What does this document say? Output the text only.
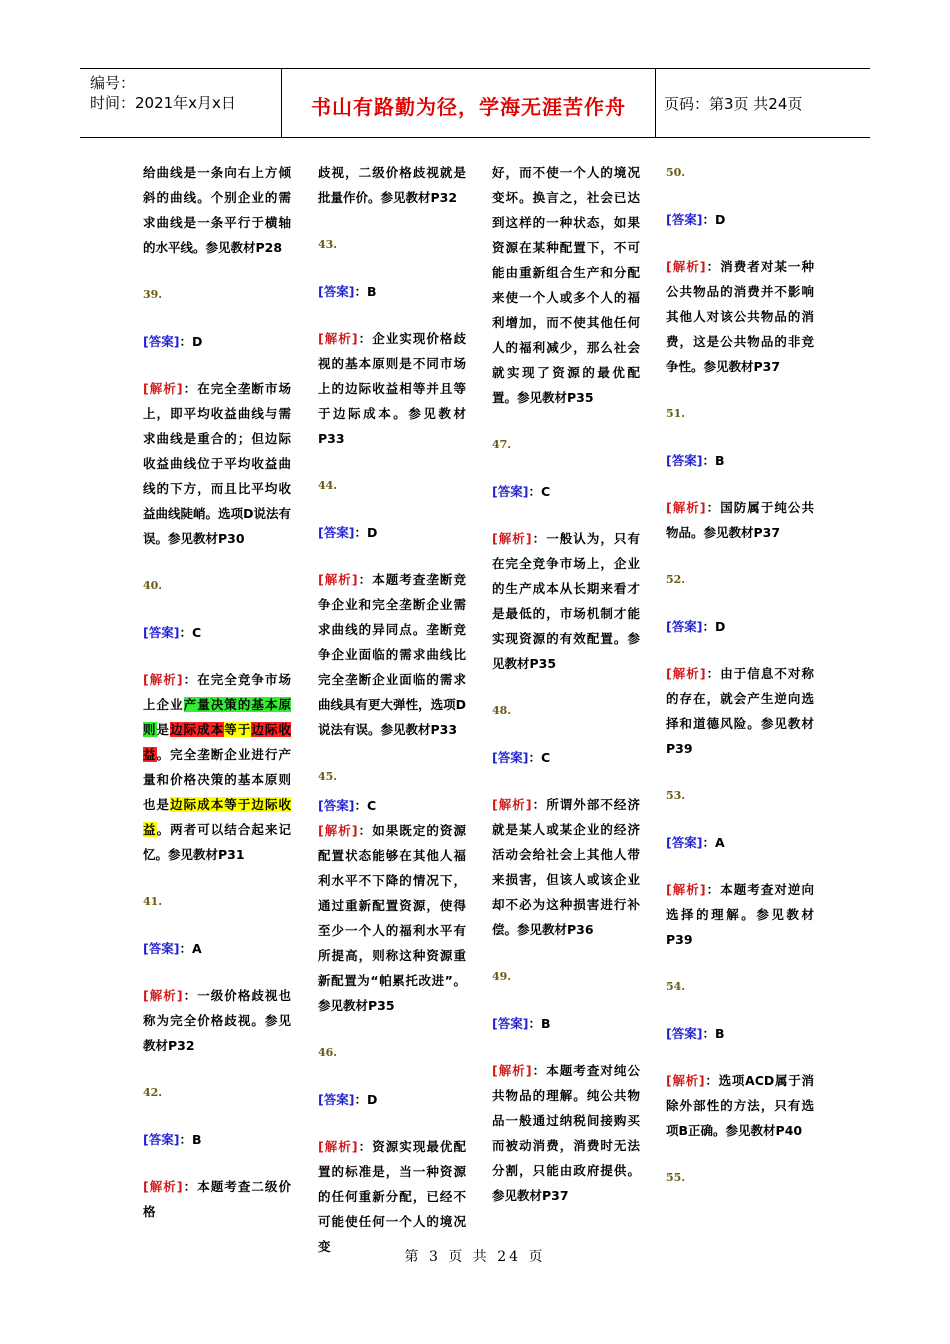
编号：
时间：2021年x月x日	书山有路勤为径，学海无涯苦作舟	页码：第3页 共24页

给曲线是一条向右上方倾斜的曲线。个别企业的需求曲线是一条平行于横轴的水平线。参见教材P28

39.

[答案]：D

[解析]：在完全垄断市场上，即平均收益曲线与需求曲线是重合的；但边际收益曲线位于平均收益曲线的下方，而且比平均收益曲线陡峭。选项D说法有误。参见教材P30

40.

[答案]：C

[解析]：在完全竞争市场上企业产量决策的基本原则是边际成本等于边际收益。完全垄断企业进行产量和价格决策的基本原则也是边际成本等于边际收益。两者可以结合起来记忆。参见教材P31

41.

[答案]：A

[解析]：一级价格歧视也称为完全价格歧视。参见教材P32

42.

[答案]：B

[解析]：本题考查二级价格

歧视，二级价格歧视就是批量作价。参见教材P32

43.

[答案]：B

[解析]：企业实现价格歧视的基本原则是不同市场上的边际收益相等并且等于边际成本。参见教材P33

44.

[答案]：D

[解析]：本题考查垄断竞争企业和完全垄断企业需求曲线的异同点。垄断竞争企业面临的需求曲线比完全垄断企业面临的需求曲线具有更大弹性，选项D说法有误。参见教材P33

45.

[答案]：C

[解析]：如果既定的资源配置状态能够在其他人福利水平不下降的情况下，通过重新配置资源，使得至少一个人的福利水平有所提高，则称这种资源重新配置为“帕累托改进”。参见教材P35

46.

[答案]：D

[解析]：资源实现最优配置的标准是，当一种资源的任何重新分配，已经不可能使任何一个人的境况变

好，而不使一个人的境况变坏。换言之，社会已达到这样的一种状态，如果资源在某种配置下，不可能由重新组合生产和分配来使一个人或多个人的福利增加，而不使其他任何人的福利减少，那么社会就实现了资源的最优配置。参见教材P35

47.

[答案]：C

[解析]：一般认为，只有在完全竞争市场上，企业的生产成本从长期来看才是最低的，市场机制才能实现资源的有效配置。参见教材P35

48.

[答案]：C

[解析]：所谓外部不经济就是某人或某企业的经济活动会给社会上其他人带来损害，但该人或该企业却不必为这种损害进行补偿。参见教材P36

49.

[答案]：B

[解析]：本题考查对纯公共物品的理解。纯公共物品一般通过纳税间接购买而被动消费，消费时无法分割，只能由政府提供。参见教材P37

50.

[答案]：D

[解析]：消费者对某一种公共物品的消费并不影响其他人对该公共物品的消费，这是公共物品的非竞争性。参见教材P37

51.

[答案]：B

[解析]：国防属于纯公共物品。参见教材P37

52.

[答案]：D

[解析]：由于信息不对称的存在，就会产生逆向选择和道德风险。参见教材P39

53.

[答案]：A

[解析]：本题考查对逆向选择的理解。参见教材P39

54.

[答案]：B

[解析]：选项ACD属于消除外部性的方法，只有选项B正确。参见教材P40

55.

第 3 页 共 24 页
